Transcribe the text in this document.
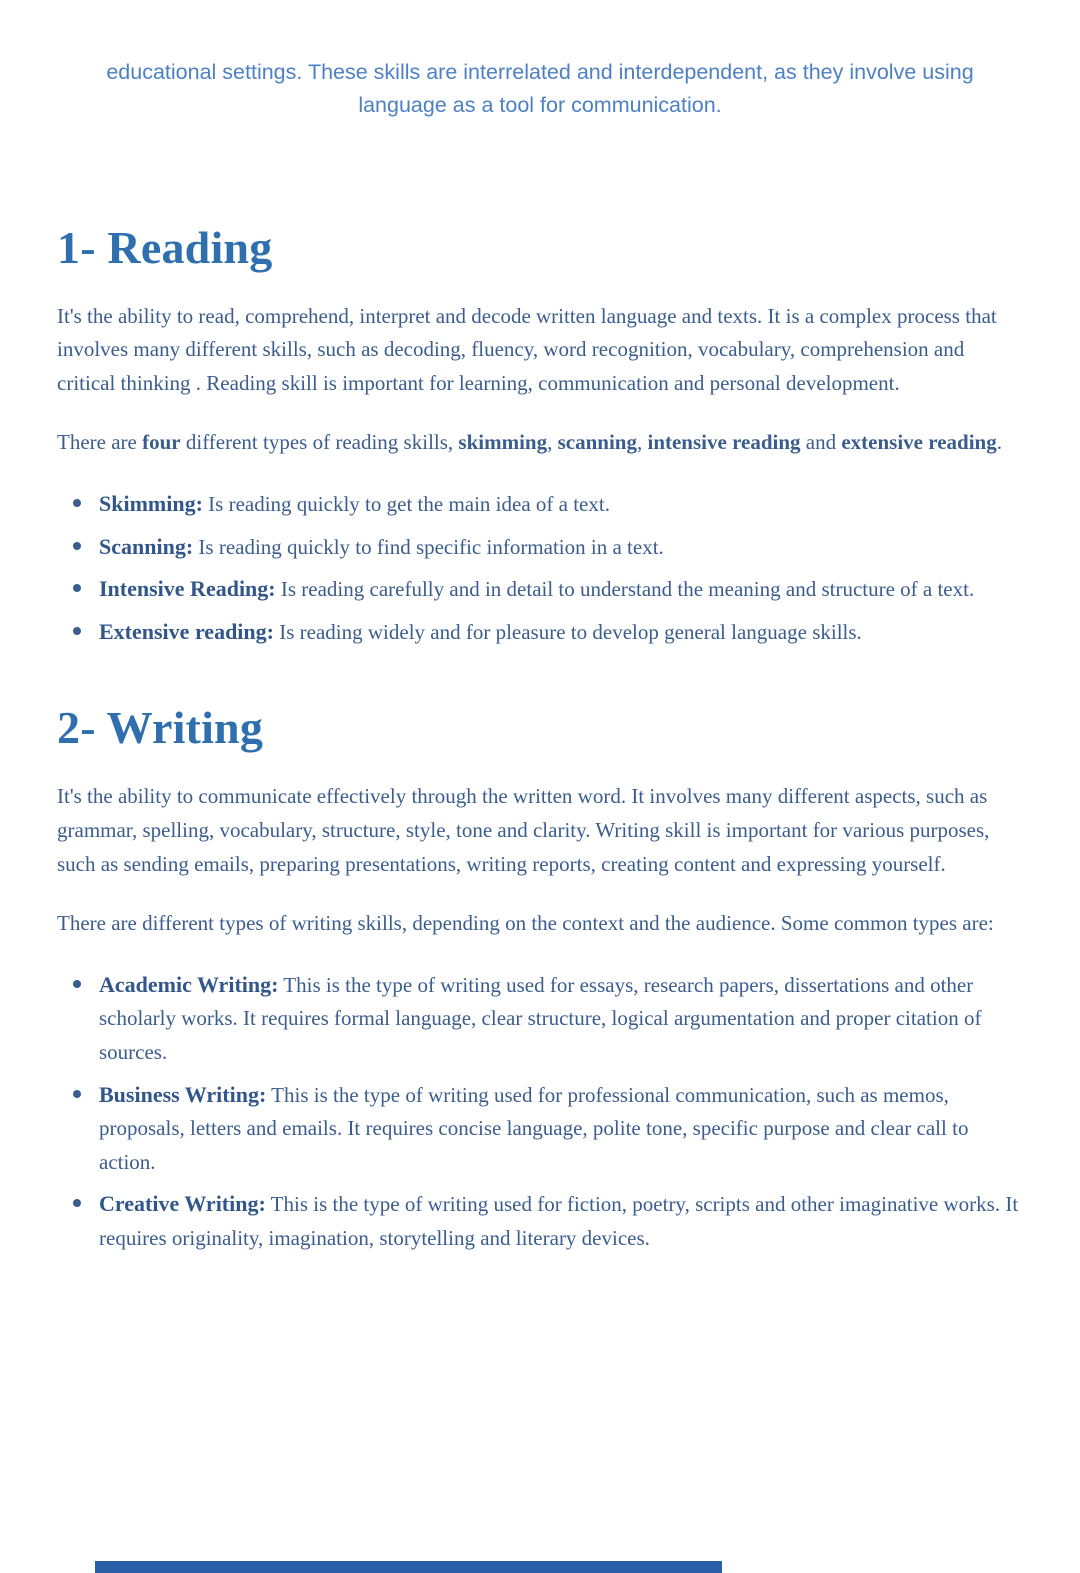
educational settings. These skills are interrelated and interdependent, as they involve using language as a tool for communication.

1- Reading

It's the ability to read, comprehend, interpret and decode written language and texts. It is a complex process that involves many different skills, such as decoding, fluency, word recognition, vocabulary, comprehension and critical thinking . Reading skill is important for learning, communication and personal development.

There are four different types of reading skills, skimming, scanning, intensive reading and extensive reading.

Skimming: Is reading quickly to get the main idea of a text.
Scanning: Is reading quickly to find specific information in a text.
Intensive Reading: Is reading carefully and in detail to understand the meaning and structure of a text.
Extensive reading: Is reading widely and for pleasure to develop general language skills.
2- Writing

It's the ability to communicate effectively through the written word. It involves many different aspects, such as grammar, spelling, vocabulary, structure, style, tone and clarity. Writing skill is important for various purposes, such as sending emails, preparing presentations, writing reports, creating content and expressing yourself.

There are different types of writing skills, depending on the context and the audience. Some common types are:

Academic Writing: This is the type of writing used for essays, research papers, dissertations and other scholarly works. It requires formal language, clear structure, logical argumentation and proper citation of sources.
Business Writing: This is the type of writing used for professional communication, such as memos, proposals, letters and emails. It requires concise language, polite tone, specific purpose and clear call to action.
Creative Writing: This is the type of writing used for fiction, poetry, scripts and other imaginative works. It requires originality, imagination, storytelling and literary devices.
